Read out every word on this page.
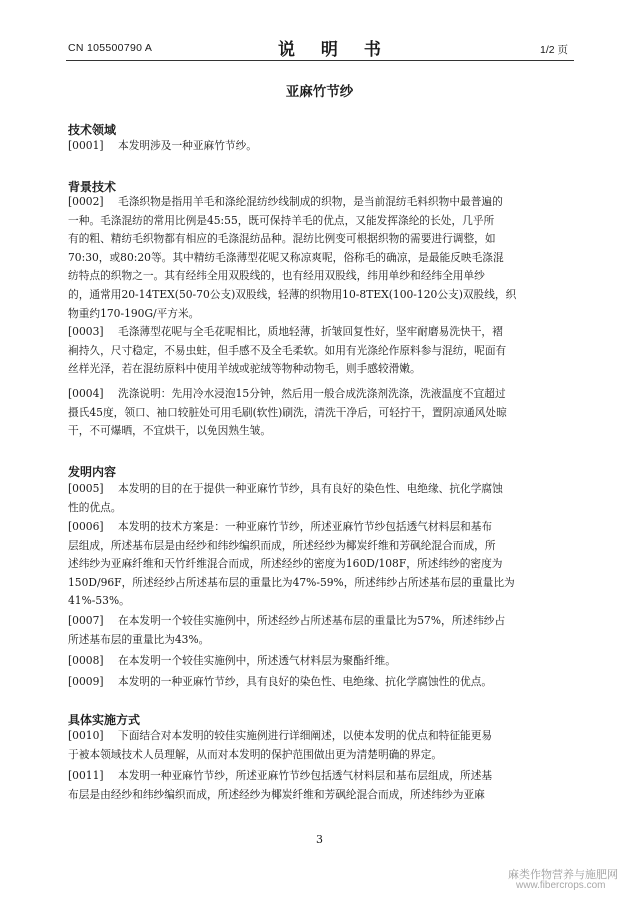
CN 105500790 A	说 明 书	1/2 页
亚麻竹节纱
技术领域
[0001] 本发明涉及一种亚麻竹节纱。
背景技术
[0002] 毛涤织物是指用羊毛和涤纶混纺纱线制成的织物，是当前混纺毛料织物中最普遍的
一种。毛涤混纺的常用比例是45:55，既可保持羊毛的优点，又能发挥涤纶的长处，几乎所
有的粗、精纺毛织物都有相应的毛涤混纺品种。混纺比例变可根据织物的需要进行调整，如
70:30，或80:20等。其中精纺毛涤薄型花呢又称凉爽呢，俗称毛的确凉，是最能反映毛涤混
纺特点的织物之一。其有经纬全用双股线的，也有经用双股线，纬用单纱和经纬全用单纱
的，通常用20-14TEX(50-70公支)双股线，轻薄的织物用10-8TEX(100-120公支)双股线，织
物重约170-190G/平方米。
[0003] 毛涤薄型花呢与全毛花呢相比，质地轻薄，折皱回复性好，坚牢耐磨易洗快干，褶
裥持久，尺寸稳定，不易虫蛀，但手感不及全毛柔软。如用有光涤纶作原料参与混纺，呢面有
丝样光泽，若在混纺原料中使用羊绒或驼绒等物种动物毛，则手感较滑嫩。
[0004] 洗涤说明：先用冷水浸泡15分钟，然后用一般合成洗涤剂洗涤，洗液温度不宜超过
摄氏45度，领口、袖口较脏处可用毛刷(软性)刷洗，清洗干净后，可轻拧干，置阴凉通风处晾
干，不可爆晒，不宜烘干，以免因熟生皱。
发明内容
[0005] 本发明的目的在于提供一种亚麻竹节纱，具有良好的染色性、电绝缘、抗化学腐蚀
性的优点。
[0006] 本发明的技术方案是：一种亚麻竹节纱，所述亚麻竹节纱包括透气材料层和基布
层组成，所述基布层是由经纱和纬纱编织而成，所述经纱为椰炭纤维和芳砜纶混合而成，所
述纬纱为亚麻纤维和天竹纤维混合而成，所述经纱的密度为160D/108F，所述纬纱的密度为
150D/96F，所述经纱占所述基布层的重量比为47%-59%，所述纬纱占所述基布层的重量比为
41%-53%。
[0007] 在本发明一个较佳实施例中，所述经纱占所述基布层的重量比为57%，所述纬纱占
所述基布层的重量比为43%。
[0008] 在本发明一个较佳实施例中，所述透气材料层为聚酯纤维。
[0009] 本发明的一种亚麻竹节纱，具有良好的染色性、电绝缘、抗化学腐蚀性的优点。
具体实施方式
[0010] 下面结合对本发明的较佳实施例进行详细阐述，以使本发明的优点和特征能更易
于被本领域技术人员理解，从而对本发明的保护范围做出更为清楚明确的界定。
[0011] 本发明一种亚麻竹节纱，所述亚麻竹节纱包括透气材料层和基布层组成，所述基
布层是由经纱和纬纱编织而成，所述经纱为椰炭纤维和芳砜纶混合而成，所述纬纱为亚麻
3
麻类作物营养与施肥网
www.fibercrops.com
